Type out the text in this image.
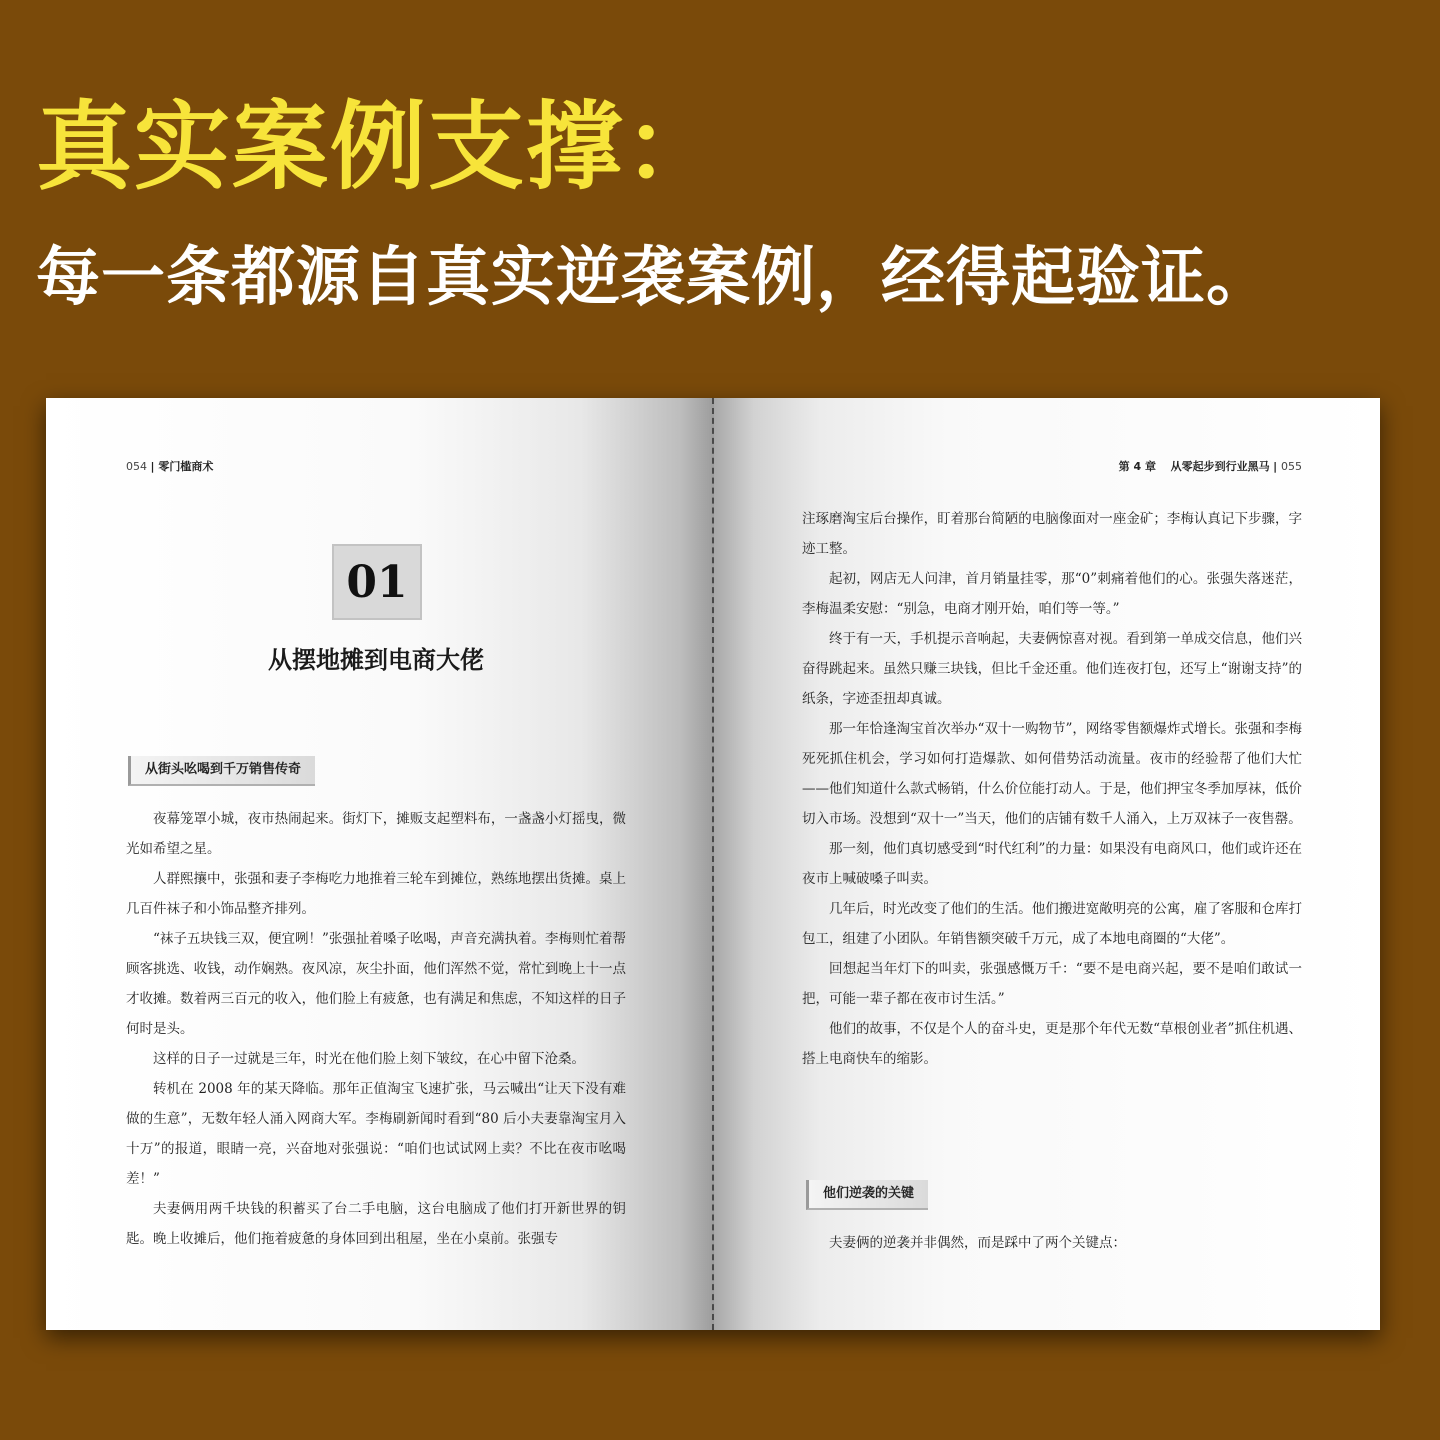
真实案例支撑：
每一条都源自真实逆袭案例，经得起验证。
054 | 零门槛商术
01
从摆地摊到电商大佬
从街头吆喝到千万销售传奇

夜幕笼罩小城，夜市热闹起来。街灯下，摊贩支起塑料布，一盏盏小灯摇曳，微光如希望之星。

人群熙攘中，张强和妻子李梅吃力地推着三轮车到摊位，熟练地摆出货摊。桌上几百件袜子和小饰品整齐排列。

“袜子五块钱三双，便宜咧！”张强扯着嗓子吆喝，声音充满执着。李梅则忙着帮顾客挑选、收钱，动作娴熟。夜风凉，灰尘扑面，他们浑然不觉，常忙到晚上十一点才收摊。数着两三百元的收入，他们脸上有疲惫，也有满足和焦虑，不知这样的日子何时是头。

这样的日子一过就是三年，时光在他们脸上刻下皱纹，在心中留下沧桑。

转机在 2008 年的某天降临。那年正值淘宝飞速扩张，马云喊出“让天下没有难做的生意”，无数年轻人涌入网商大军。李梅刷新闻时看到“80 后小夫妻靠淘宝月入十万”的报道，眼睛一亮，兴奋地对张强说：“咱们也试试网上卖？不比在夜市吆喝差！”

夫妻俩用两千块钱的积蓄买了台二手电脑，这台电脑成了他们打开新世界的钥匙。晚上收摊后，他们拖着疲惫的身体回到出租屋，坐在小桌前。张强专

第 4 章 从零起步到行业黑马 | 055

注琢磨淘宝后台操作，盯着那台简陋的电脑像面对一座金矿；李梅认真记下步骤，字迹工整。

起初，网店无人问津，首月销量挂零，那“0”刺痛着他们的心。张强失落迷茫，李梅温柔安慰：“别急，电商才刚开始，咱们等一等。”

终于有一天，手机提示音响起，夫妻俩惊喜对视。看到第一单成交信息，他们兴奋得跳起来。虽然只赚三块钱，但比千金还重。他们连夜打包，还写上“谢谢支持”的纸条，字迹歪扭却真诚。

那一年恰逢淘宝首次举办“双十一购物节”，网络零售额爆炸式增长。张强和李梅死死抓住机会，学习如何打造爆款、如何借势活动流量。夜市的经验帮了他们大忙——他们知道什么款式畅销，什么价位能打动人。于是，他们押宝冬季加厚袜，低价切入市场。没想到“双十一”当天，他们的店铺有数千人涌入，上万双袜子一夜售罄。

那一刻，他们真切感受到“时代红利”的力量：如果没有电商风口，他们或许还在夜市上喊破嗓子叫卖。

几年后，时光改变了他们的生活。他们搬进宽敞明亮的公寓，雇了客服和仓库打包工，组建了小团队。年销售额突破千万元，成了本地电商圈的“大佬”。

回想起当年灯下的叫卖，张强感慨万千：“要不是电商兴起，要不是咱们敢试一把，可能一辈子都在夜市讨生活。”

他们的故事，不仅是个人的奋斗史，更是那个年代无数“草根创业者”抓住机遇、搭上电商快车的缩影。

他们逆袭的关键

夫妻俩的逆袭并非偶然，而是踩中了两个关键点：
